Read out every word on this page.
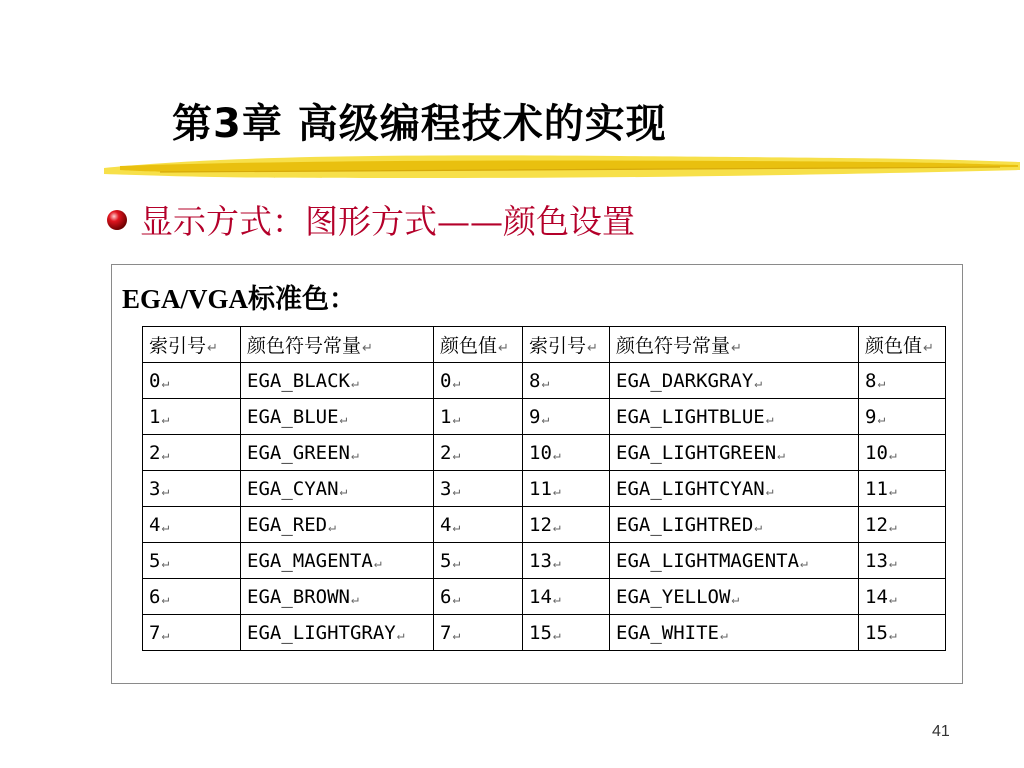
第3章 高级编程技术的实现
显示方式：图形方式——颜色设置
EGA/VGA标准色：
索引号↵	颜色符号常量↵	颜色值↵	索引号↵	颜色符号常量↵	颜色值↵
0↵	EGA_BLACK↵	0↵	8↵	EGA_DARKGRAY↵	8↵
1↵	EGA_BLUE↵	1↵	9↵	EGA_LIGHTBLUE↵	9↵
2↵	EGA_GREEN↵	2↵	10↵	EGA_LIGHTGREEN↵	10↵
3↵	EGA_CYAN↵	3↵	11↵	EGA_LIGHTCYAN↵	11↵
4↵	EGA_RED↵	4↵	12↵	EGA_LIGHTRED↵	12↵
5↵	EGA_MAGENTA↵	5↵	13↵	EGA_LIGHTMAGENTA↵	13↵
6↵	EGA_BROWN↵	6↵	14↵	EGA_YELLOW↵	14↵
7↵	EGA_LIGHTGRAY↵	7↵	15↵	EGA_WHITE↵	15↵
41
